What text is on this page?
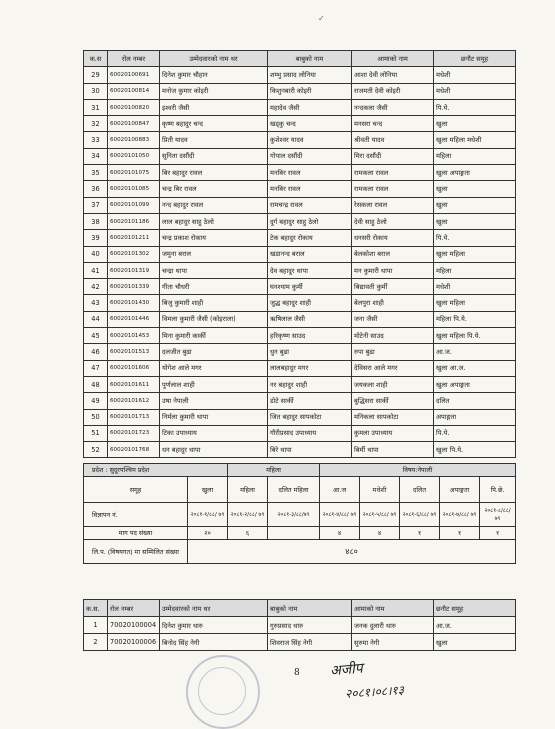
✓
क.स	रोल नम्बर	उम्मेदवारको नाम थर	बाबुको नाम	आमाको नाम	छनौट समूह
29	60020100691	दिनेश कुमार चौहान	शम्भु प्रसाद लोनिया	आशा देवी लोनिया	मधेशी
30	60020100814	मनोज कुमार कोइरी	किशुनबारी कोइरी	राजमती देवी कोइरी	मधेशी
31	60020100820	इश्वरी जैसी	महादेव जैसी	नन्दकला जैसी	पि.ये.
32	60020100847	कृष्ण बहादुर चन्द	खड्कु चन्द	मनसरा चन्द	खुला
33	60020100883	प्रिती यादव	कुशेश्वर यादव	श्रीवती यादव	खुला महिला मधेशी
34	60020101050	सुनिता दसौंदी	गोपाल दसौंदी	मिरा दसौंदी	महिला
35	60020101075	बिर बहादुर रावल	मनबिर रावल	रामकला रावल	खुला अपाङ्गता
36	60020101085	चन्द्र बिर रावल	मनबिर रावल	रामकला रावल	खुला
37	60020101099	नन्द बहादुर रावल	रामचन्द्र रावल	रेसकला रावल	खुला
38	60020101186	लाल बहादुर साहु ठेलो	दुर्ग बहादुर साहु ठेलो	देवी साहु ठेलो	खुला
39	60020101211	चन्द्र प्रकाश रोकाय	टेक बहादुर रोकाय	धनसरी रोकाय	पि.ये.
40	60020101302	जमुना बराल	खडानन्द बराल	बेलकोशा बराल	खुला महिला
41	60020101319	चन्द्रा थापा	देव बहादुर थापा	मन कुमारी थापा	महिला
42	60020101339	गीता चौधरी	घनश्याम कुर्मी	बिद्यावती कुर्मी	मधेशी
43	60020101430	बिजु कुमारी शाही	जुद्ध बहादुर शाही	बेलपुरा शाही	खुला महिला
44	60020101446	विमला कुमारी जैसी (कोइराला)	ऋषिलाल जैसी	जना जैसी	महिला पि.ये.
45	60020101453	मिना कुमारी कार्की	हरिकृष्ण साउद	मोटेनी साउद	खुला महिला पि.ये.
46	60020101513	दलजीत बुढा	धुन बुढा	रुपा बुढा	आ.ज.
47	60020101606	योगेश आले मगर	लालबहादुर मगर	देविसरा आले मगर	खुला आ.ज.
48	60020101611	पुर्णलाल शाही	नर बहादुर शाही	जयकला शाही	खुला अपाङ्गता
49	60020101612	उषा नेपाली	डोटे सार्की	बुद्धिसरा सार्की	दलित
50	60020101713	निर्मला कुमारी थापा	जित बहादुर सापकोटा	मनिकला सापकोटा	अपाङ्गता
51	60020101723	टिका उपाध्याय	गौरीप्रसाद उपाध्याय	कुमला उपाध्याय	पि.ये.
52	60020101768	धन बहादुर थापा	बिरे थापा	बिर्मी थापा	खुला पि.ये.
प्रदेश : सुदूरपश्चिम प्रदेश		महिला		विषय:नेपाली				
समूह	खुला	महिला	दलित महिला	आ.ज	मधेशी	दलित	अपाङ्गता	पि.छे.
विज्ञापन नं.	२०८१-१/८८/ ७९	२०८१-२/८८/ ७९	२०८१-३/८८/७९	२०८१-४/८८/ ७९	२०८१-५/८८/ ७९	२०८१-६/८८/ ७९	२०८१-७/८८/ ७९	२०८१-८/८८/ ७९
माग पद संख्या	२०	६		४	४	१	१	१
लि.प. (विषयगत) मा सम्मिलित संख्या	४८०							
क.स.	रोल नम्बर	उम्मेदवारको नाम थर	बाबुको नाम	आमाको नाम	छनौट समूह
1	70020100004	दिनेश कुमार थारु	गुरुप्रसाद थारु	जनक दुलारी थारु	आ.ज.
2	70020100006	बिनोद सिंह नेगी	शिवराज सिंह नेगी	सुरुमा नेगी	खुला
8 अजीप
२०८१।०८।१३
